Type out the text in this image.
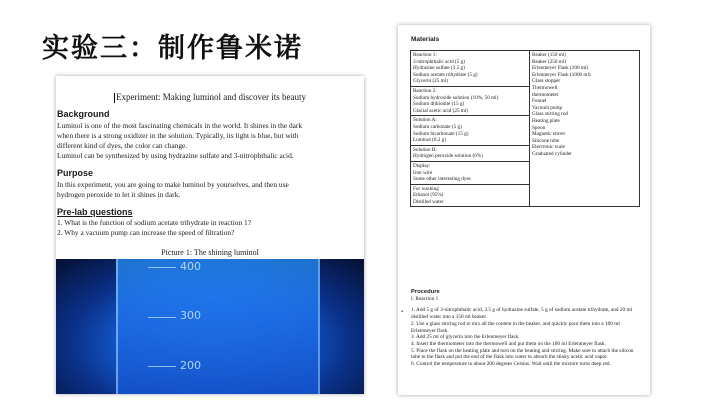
实验三：制作鲁米诺
Experiment: Making luminol and discover its beauty
Background
Luminol is one of the most fascinating chemicals in the world. It shines in the dark
when there is a strong oxidizer in the solution. Typically, its light is blue, but with
different kind of dyes, the color can change.
Luminol can be synthesized by using hydrazine sulfate and 3-nitrophthalic acid.
Purpose
In this experiment, you are going to make luminol by yourselves, and then use
hydrogen peroxide to let it shines in dark.
Pre-lab questions
1. What is the function of sodium acetate trihydrate in reaction 1?
2. Why a vacuum pump can increase the speed of filtration?
Picture 1: The shining luminol
400
300
200
Materials
Reaction 1:
3-nitrophthalic acid (5 g)
Hydrazine sulfate (3.5 g)
Sodium acetate trihydrate (5 g)
Glycerin (25 ml)

Beaker (150 ml)
Beaker (250 ml)
Erlenmeyer Flask (100 ml)
Erlenmeyer Flask (1000 ml)
Glass stopper
Thermowell
thermometer
Funnel
Vacuum pump
Glass stirring rod
Heating plate
Spoon
Magnetic stirrer
Silicone tube
Electronic scale
Graduated cylinder

Reaction 2:
Sodium hydroxide solution (10%, 50 ml)
Sodium dithionite (15 g)
Glacial acetic acid (25 ml)

Solution A:
Sodium carbonate (5 g)
Sodium bicarbonate (15 g)
Luminol (0.2 g)

Solution B:
Hydrogen peroxide solution (6%)

Display:
Iron wire
Some other interesting dyes

For washing
Ethanol (95%)
Distilled water
▪
Procedure
I. Reaction 1
1. Add 5 g of 3-nitrophthalic acid, 3.5 g of hydrazine sulfate, 5 g of sodium acetate trihydrate, and 20 ml distilled water into a 150 ml beaker.
2. Use a glass stirring rod to mix all the content in the beaker, and quickly pour them into a 100 ml Erlenmeyer flask.
3. Add 25 ml of glycerin into the Erlenmeyer flask.
4. Insert the thermometer into the thermowell and put them on the 100 ml Erlenmeyer flask.
5. Place the flask on the heating plate and turn on the heating and stirring. Make sure to attach the silicon tube to the flask and put the end of the flask into water to absorb the stinky acetic acid vapor.
6. Control the temperature to about 200 degrees Celsius. Wait until the mixture turns deep red.
